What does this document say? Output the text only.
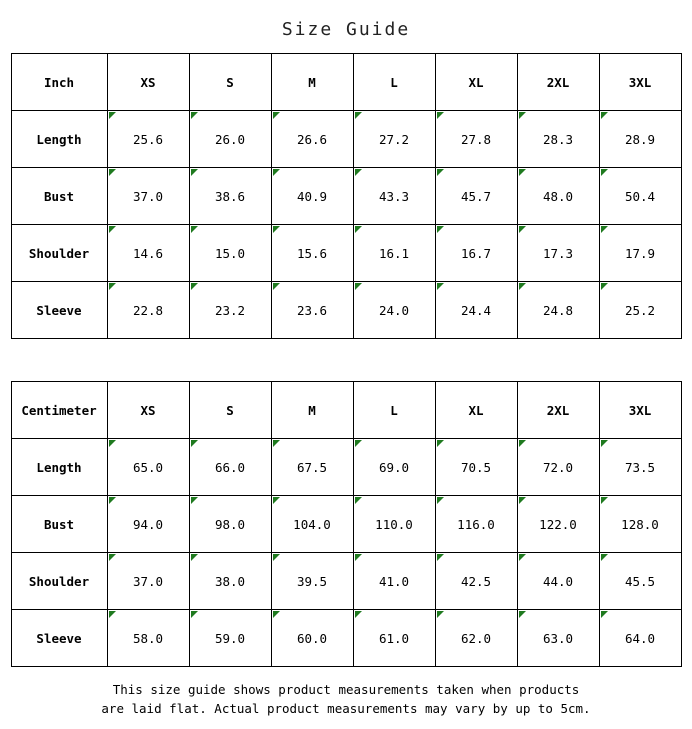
Size Guide
Inch	XS	S	M	L	XL	2XL	3XL
Length	25.6	26.0	26.6	27.2	27.8	28.3	28.9
Bust	37.0	38.6	40.9	43.3	45.7	48.0	50.4
Shoulder	14.6	15.0	15.6	16.1	16.7	17.3	17.9
Sleeve	22.8	23.2	23.6	24.0	24.4	24.8	25.2
Centimeter	XS	S	M	L	XL	2XL	3XL
Length	65.0	66.0	67.5	69.0	70.5	72.0	73.5
Bust	94.0	98.0	104.0	110.0	116.0	122.0	128.0
Shoulder	37.0	38.0	39.5	41.0	42.5	44.0	45.5
Sleeve	58.0	59.0	60.0	61.0	62.0	63.0	64.0
This size guide shows product measurements taken when products
are laid flat. Actual product measurements may vary by up to 5cm.
